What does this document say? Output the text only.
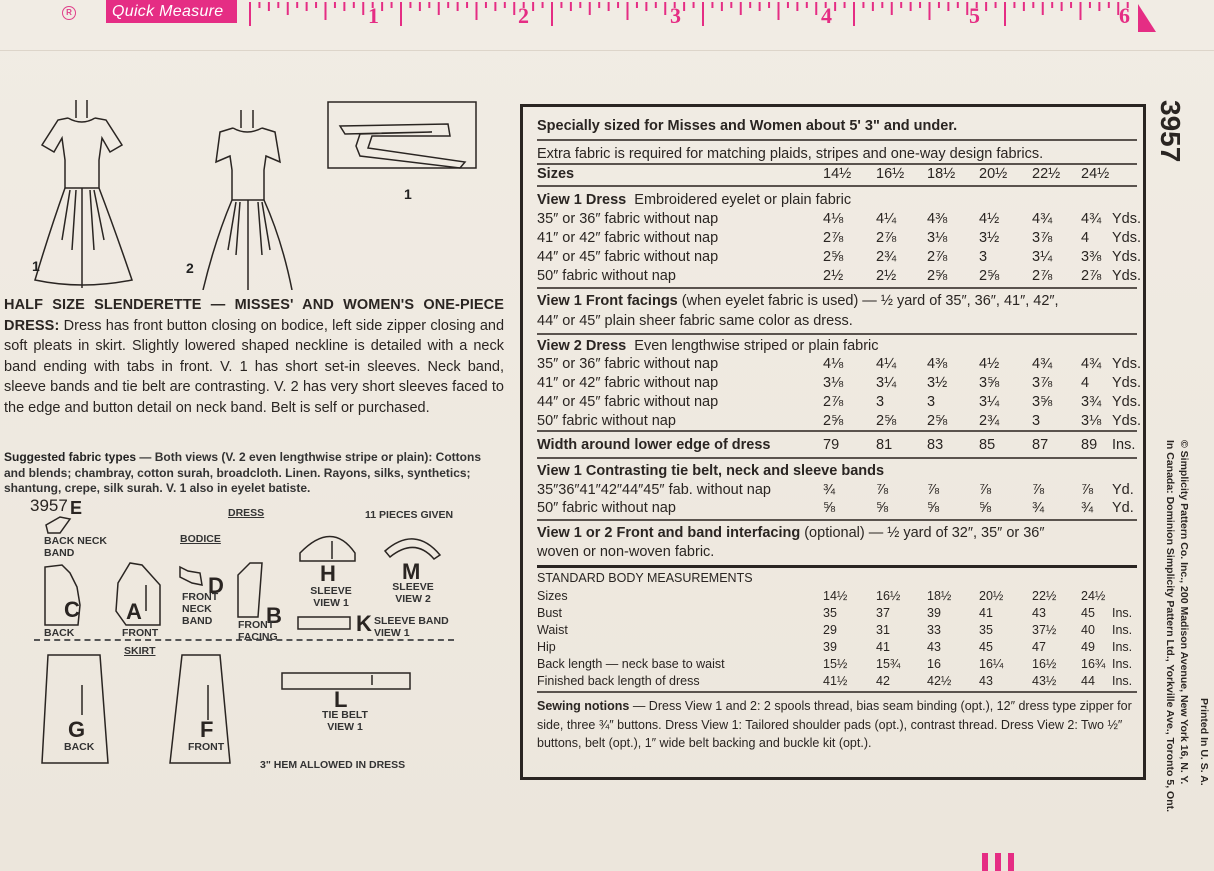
R	Quick Measure	1	2	3	4	5	6
1	2
1
HALF SIZE SLENDERETTE — MISSES' AND WOMEN'S ONE-PIECE DRESS: Dress has front button closing on bodice, left side zipper closing and soft pleats in skirt. Slightly lowered shaped neckline is detailed with a neck band ending with tabs in front. V. 1 has short set-in sleeves. Neck band, sleeve bands and tie belt are contrasting. V. 2 has very short sleeves faced to the edge and button detail on neck band. Belt is self or purchased.
Suggested fabric types — Both views (V. 2 even lengthwise stripe or plain): Cottons and blends; chambray, cotton surah, broadcloth. Linen. Rayons, silks, synthetics; shantung, crepe, silk surah. V. 1 also in eyelet batiste.
3957	DRESS
BODICE
11 PIECES GIVEN
E
BACK NECK BAND
C
BACK
A
FRONT
D
FRONT NECK BAND	B
FRONT FACING
H
SLEEVE VIEW 1
M
SLEEVE VIEW 2
K SLEEVE BAND VIEW 1
SKIRT
G
BACK
F
FRONT
L
TIE BELT VIEW 1
3" HEM ALLOWED IN DRESS
Specially sized for Misses and Women about 5' 3" and under.
Extra fabric is required for matching plaids, stripes and one-way design fabrics.
Sizes	14½ 16½ 18½ 20½ 22½ 24½
View 1 Dress Embroidered eyelet or plain fabric
35″ or 36″ fabric without nap	4⅛ 4¼ 4⅜ 4½ 4¾ 4¾ Yds.
41″ or 42″ fabric without nap	2⅞ 2⅞ 3⅛ 3½ 3⅞ 4 Yds.
44″ or 45″ fabric without nap	2⅝ 2¾ 2⅞ 3	3¼ 3⅜ Yds.
50″ fabric without nap	2½ 2½ 2⅝ 2⅝ 2⅞ 2⅞ Yds.
View 1 Front facings (when eyelet fabric is used) — ½ yard of 35″, 36″, 41″, 42″,
44″ or 45″ plain sheer fabric same color as dress.
View 2 Dress Even lengthwise striped or plain fabric
35″ or 36″ fabric without nap	4⅛ 4¼ 4⅜ 4½ 4¾ 4¾ Yds.
41″ or 42″ fabric without nap	3⅛ 3¼ 3½ 3⅝ 3⅞ 4 Yds.
44″ or 45″ fabric without nap	2⅞ 3	3	3¼ 3⅝ 3¾ Yds.
50″ fabric without nap	2⅝ 2⅝ 2⅝ 2¾ 3	3⅛ Yds.
Width around lower edge of dress	79	81 83 85	87 89 Ins.
View 1 Contrasting tie belt, neck and sleeve bands
35″36″41″42″44″45″ fab. without nap	¾	⅞	⅞	⅞	⅞	⅞ Yd.
50″ fabric without nap	⅝	⅝	⅝	⅝	¾	¾ Yd.
View 1 or 2 Front and band interfacing (optional) — ½ yard of 32″, 35″ or 36″
woven or non-woven fabric.
STANDARD BODY MEASUREMENTS
Sizes	14½ 16½ 18½ 20½ 22½ 24½
Bust	35	37	39	41	43	45 Ins.
Waist	29	31	33	35	37½ 40 Ins.
Hip	39	41	43	45	47	49 Ins.
Back length — neck base to waist	15½ 15¾ 16	16¼ 16½ 16¾ Ins.
Finished back length of dress	41½ 42	42½ 43	43½ 44 Ins.
Sewing notions — Dress View 1 and 2: 2 spools thread, bias seam binding (opt.), 12″ dress type zipper for side, three ¾″ buttons. Dress View 1: Tailored shoulder pads (opt.), contrast thread. Dress View 2: Two ½″ buttons, belt (opt.), 1″ wide belt backing and buckle kit (opt.).
3957
© Simplicity Pattern Co. Inc., 200 Madison Avenue, New York 16, N. Y.
In Canada: Dominion Simplicity Pattern Ltd., Yorkville Ave., Toronto 5, Ont. Printed In U. S. A.
